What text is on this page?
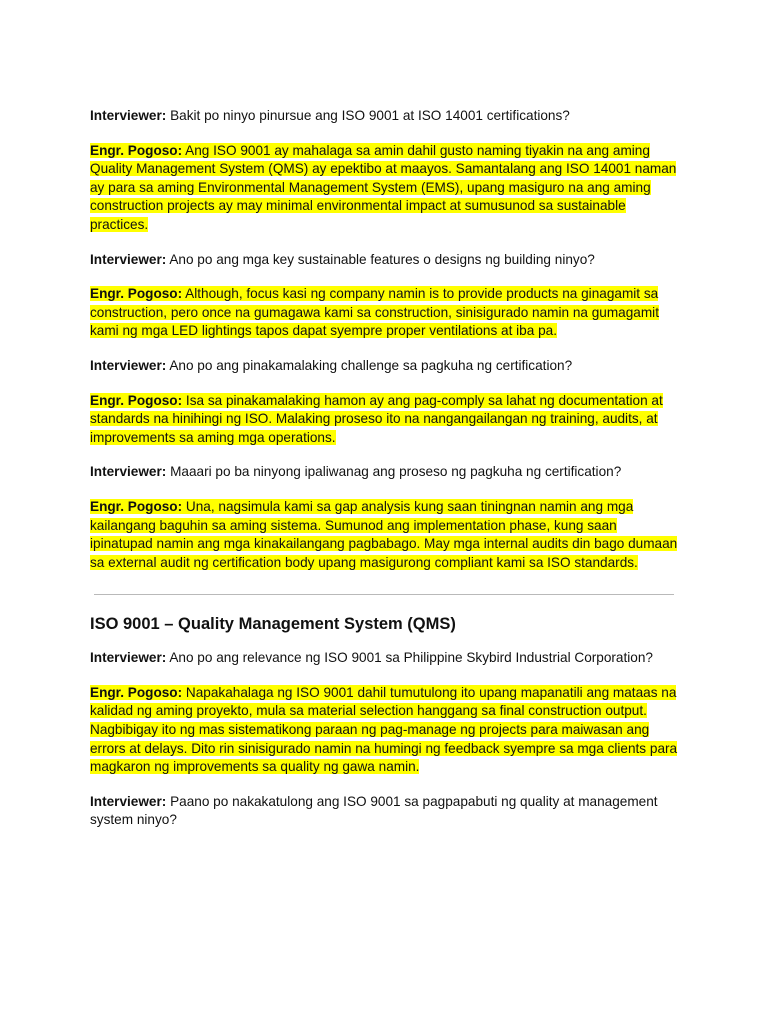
Interviewer: Bakit po ninyo pinursue ang ISO 9001 at ISO 14001 certifications?

Engr. Pogoso: Ang ISO 9001 ay mahalaga sa amin dahil gusto naming tiyakin na ang aming Quality Management System (QMS) ay epektibo at maayos. Samantalang ang ISO 14001 naman ay para sa aming Environmental Management System (EMS), upang masiguro na ang aming construction projects ay may minimal environmental impact at sumusunod sa sustainable practices.

Interviewer: Ano po ang mga key sustainable features o designs ng building ninyo?

Engr. Pogoso: Although, focus kasi ng company namin is to provide products na ginagamit sa construction, pero once na gumagawa kami sa construction, sinisigurado namin na gumagamit kami ng mga LED lightings tapos dapat syempre proper ventilations at iba pa.

Interviewer: Ano po ang pinakamalaking challenge sa pagkuha ng certification?

Engr. Pogoso: Isa sa pinakamalaking hamon ay ang pag-comply sa lahat ng documentation at standards na hinihingi ng ISO. Malaking proseso ito na nangangailangan ng training, audits, at improvements sa aming mga operations.

Interviewer: Maaari po ba ninyong ipaliwanag ang proseso ng pagkuha ng certification?

Engr. Pogoso: Una, nagsimula kami sa gap analysis kung saan tiningnan namin ang mga kailangang baguhin sa aming sistema. Sumunod ang implementation phase, kung saan ipinatupad namin ang mga kinakailangang pagbabago. May mga internal audits din bago dumaan sa external audit ng certification body upang masigurong compliant kami sa ISO standards.

ISO 9001 – Quality Management System (QMS)

Interviewer: Ano po ang relevance ng ISO 9001 sa Philippine Skybird Industrial Corporation?

Engr. Pogoso: Napakahalaga ng ISO 9001 dahil tumutulong ito upang mapanatili ang mataas na kalidad ng aming proyekto, mula sa material selection hanggang sa final construction output. Nagbibigay ito ng mas sistematikong paraan ng pag-manage ng projects para maiwasan ang errors at delays. Dito rin sinisigurado namin na humingi ng feedback syempre sa mga clients para magkaron ng improvements sa quality ng gawa namin.

Interviewer: Paano po nakakatulong ang ISO 9001 sa pagpapabuti ng quality at management system ninyo?
